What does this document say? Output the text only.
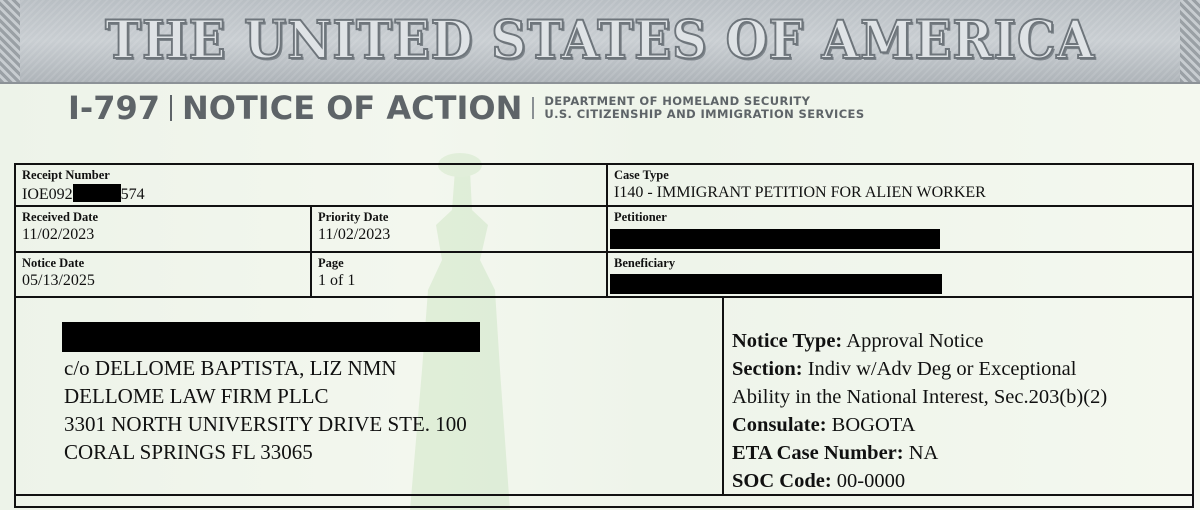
THE UNITED STATES OF AMERICA
I-797 NOTICE OF ACTION DEPARTMENT OF HOMELAND SECURITY
U.S. CITIZENSHIP AND IMMIGRATION SERVICES
Receipt Number
IOE092	574
Case Type
I140 - IMMIGRANT PETITION FOR ALIEN WORKER
Received Date
11/02/2023
Priority Date
11/02/2023
Petitioner
Notice Date
05/13/2025
Page
1 of 1
Beneficiary
c/o DELLOME BAPTISTA, LIZ NMN
DELLOME LAW FIRM PLLC
3301 NORTH UNIVERSITY DRIVE STE. 100
CORAL SPRINGS FL 33065
Notice Type: Approval Notice
Section: Indiv w/Adv Deg or Exceptional
Ability in the National Interest, Sec.203(b)(2)
Consulate: BOGOTA
ETA Case Number: NA
SOC Code: 00-0000
